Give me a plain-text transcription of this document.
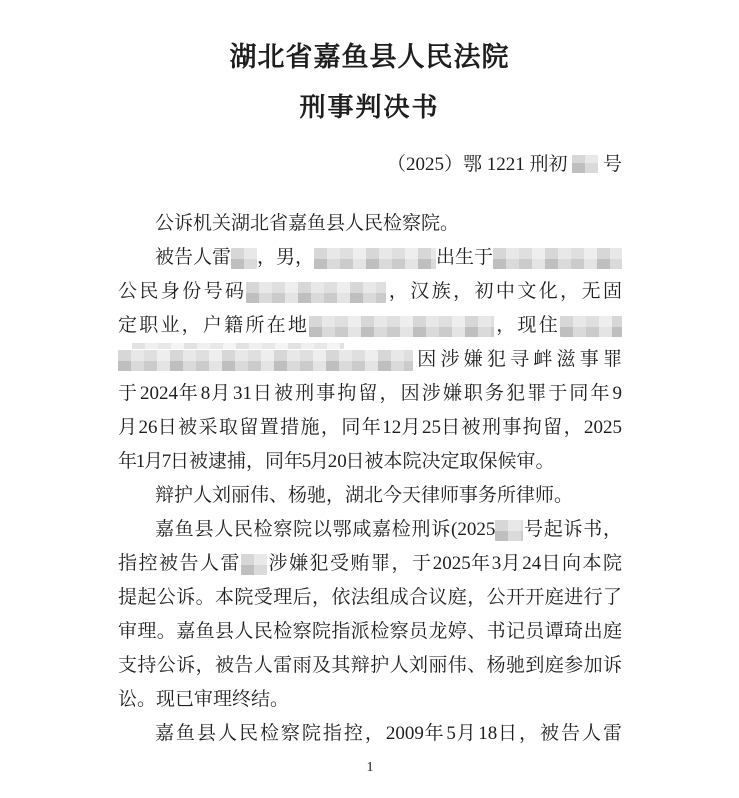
湖北省嘉鱼县人民法院
刑事判决书
（2025）鄂 1221 刑初 号
公诉机关湖北省嘉鱼县人民检察院。
被告人雷 ，男，	出生于
公民身份号码	，汉族，初中文化，无固
定职业，户籍所在地	，现住
因涉嫌犯寻衅滋事罪
于 2024 年 8 月 31 日被刑事拘留，因涉嫌职务犯罪于同年 9
月 26 日被采取留置措施，同年 12 月 25 日被刑事拘留，2025
年 1 月 7 日被逮捕，同年 5 月 20 日被本院决定取保候审。
辩护人刘丽伟、杨驰，湖北今天律师事务所律师。
嘉鱼县人民检察院以鄂咸嘉检刑诉(2025 号起诉书，
指控被告人雷 涉嫌犯受贿罪，于 2025 年 3 月 24 日向本院
提起公诉。本院受理后，依法组成合议庭，公开开庭进行了
审理。嘉鱼县人民检察院指派检察员龙婷、书记员谭琦出庭
支持公诉，被告人雷雨及其辩护人刘丽伟、杨驰到庭参加诉
讼。现已审理终结。
嘉鱼县人民检察院指控，2009 年 5 月 18 日，被告人雷
1
